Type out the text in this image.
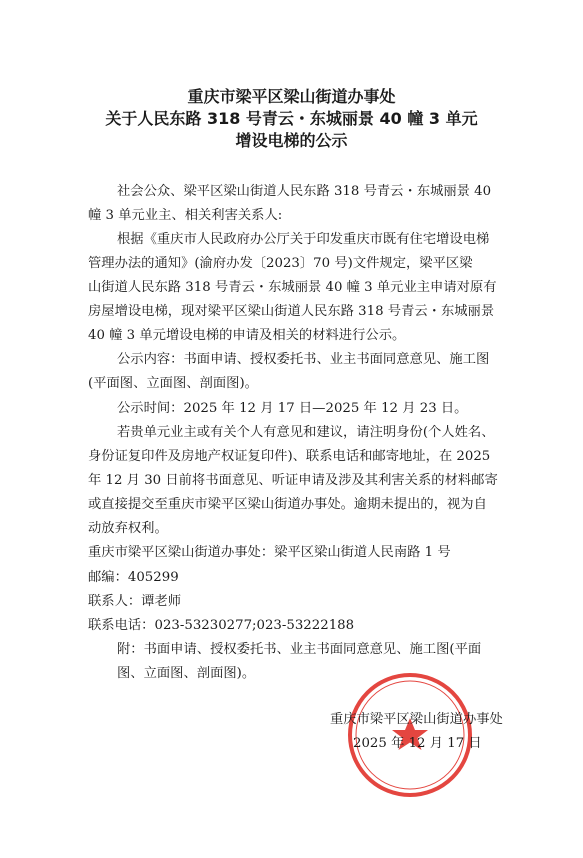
重庆市梁平区梁山街道办事处
关于人民东路 318 号青云・东城丽景 40 幢 3 单元
增设电梯的公示
社会公众、梁平区梁山街道人民东路 318 号青云・东城丽景 40
幢 3 单元业主、相关利害关系人:
根据《重庆市人民政府办公厅关于印发重庆市既有住宅增设电梯
管理办法的通知》(渝府办发〔2023〕70 号)文件规定，梁平区梁
山街道人民东路 318 号青云・东城丽景 40 幢 3 单元业主申请对原有
房屋增设电梯，现对梁平区梁山街道人民东路 318 号青云・东城丽景
40 幢 3 单元增设电梯的申请及相关的材料进行公示。
公示内容：书面申请、授权委托书、业主书面同意意见、施工图
(平面图、立面图、剖面图)。
公示时间：2025 年 12 月 17 日—2025 年 12 月 23 日。
若贵单元业主或有关个人有意见和建议，请注明身份(个人姓名、
身份证复印件及房地产权证复印件)、联系电话和邮寄地址，在 2025
年 12 月 30 日前将书面意见、听证申请及涉及其利害关系的材料邮寄
或直接提交至重庆市梁平区梁山街道办事处。逾期未提出的，视为自
动放弃权利。
重庆市梁平区梁山街道办事处：梁平区梁山街道人民南路 1 号
邮编：405299
联系人：谭老师
联系电话：023-53230277;023-53222188
附：书面申请、授权委托书、业主书面同意意见、施工图(平面
图、立面图、剖面图)。
重庆市梁平区梁山街道办事处
2025 年 12 月 17 日
